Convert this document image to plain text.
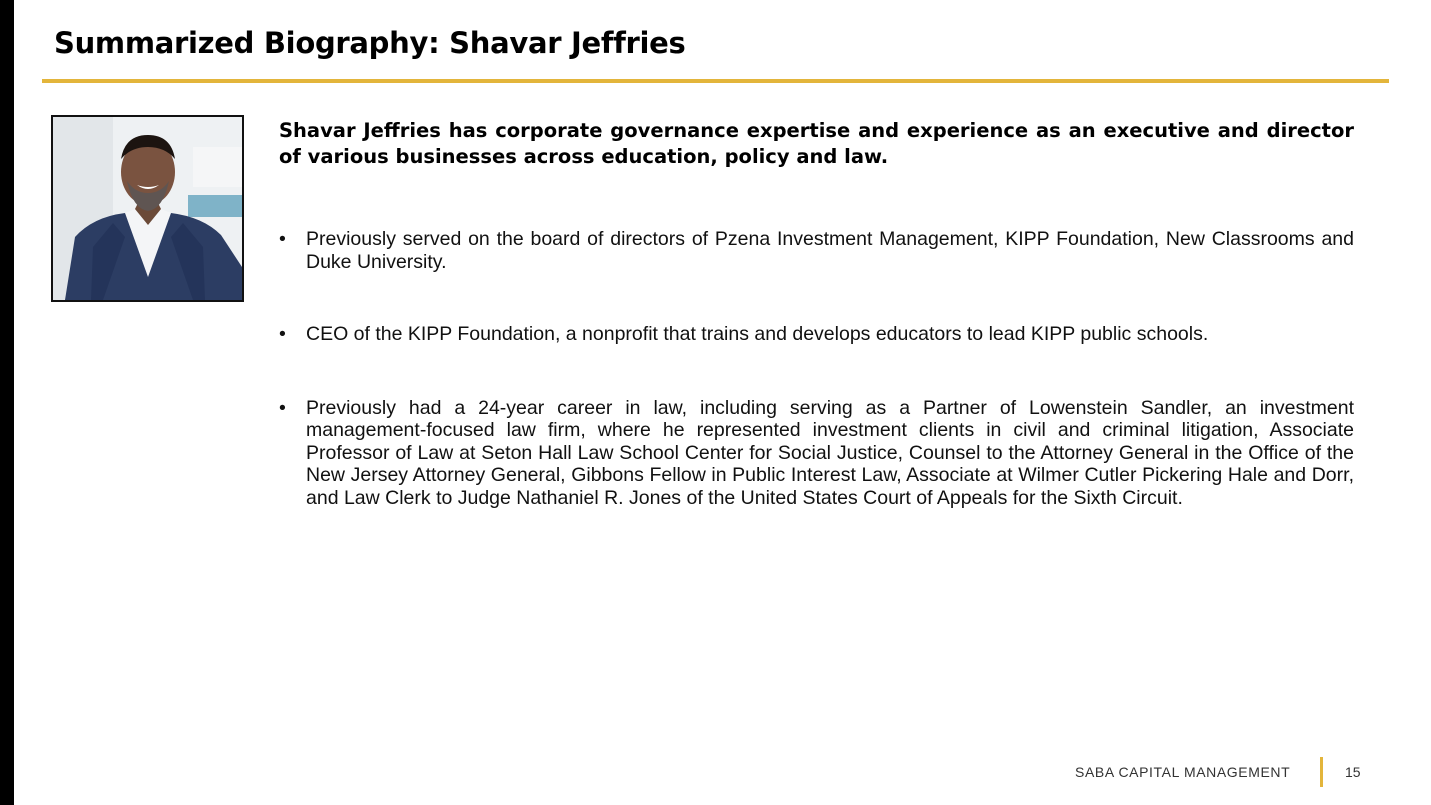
Summarized Biography: Shavar Jeffries

Shavar Jeffries has corporate governance expertise and experience as an executive and director of various businesses across education, policy and law.

• Previously served on the board of directors of Pzena Investment Management, KIPP Foundation, New Classrooms and Duke University.
• CEO of the KIPP Foundation, a nonprofit that trains and develops educators to lead KIPP public schools.
• Previously had a 24-year career in law, including serving as a Partner of Lowenstein Sandler, an investment management-focused law firm, where he represented investment clients in civil and criminal litigation, Associate Professor of Law at Seton Hall Law School Center for Social Justice, Counsel to the Attorney General in the Office of the New Jersey Attorney General, Gibbons Fellow in Public Interest Law, Associate at Wilmer Cutler Pickering Hale and Dorr, and Law Clerk to Judge Nathaniel R. Jones of the United States Court of Appeals for the Sixth Circuit.
SABA CAPITAL MANAGEMENT	15
